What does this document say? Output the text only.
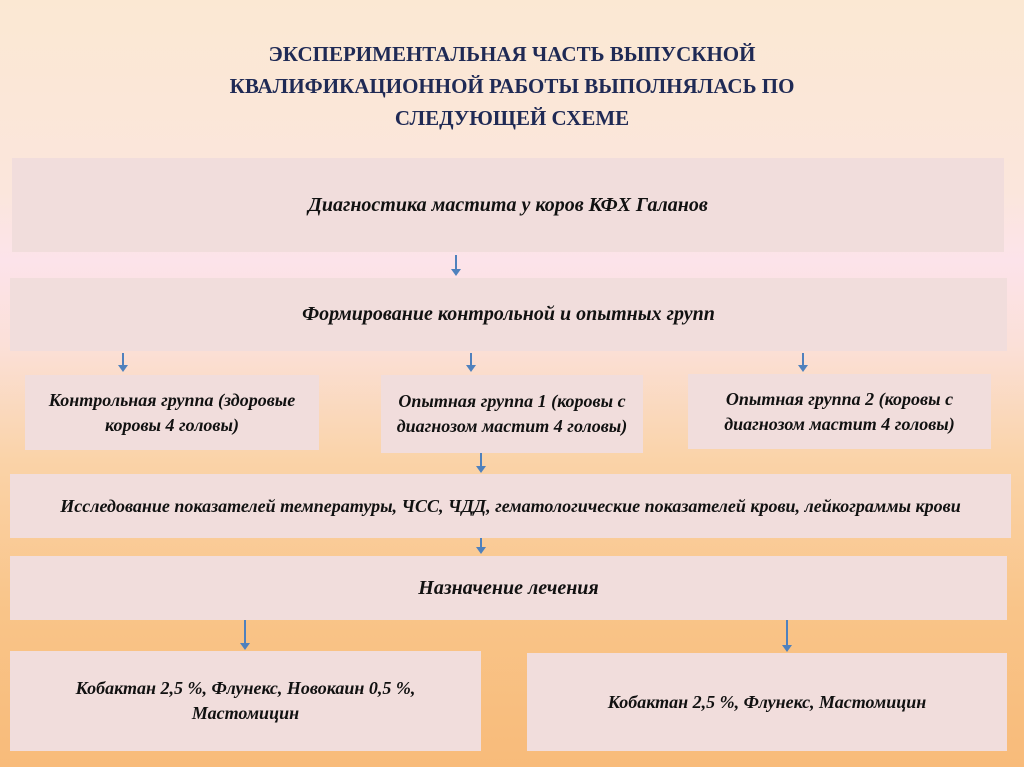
ЭКСПЕРИМЕНТАЛЬНАЯ ЧАСТЬ ВЫПУСКНОЙ
КВАЛИФИКАЦИОННОЙ РАБОТЫ ВЫПОЛНЯЛАСЬ ПО
СЛЕДУЮЩЕЙ СХЕМЕ
Диагностика мастита у коров КФХ Галанов
Формирование контрольной и опытных групп
Контрольная группа (здоровые коровы 4 головы)
Опытная группа 1 (коровы с диагнозом мастит 4 головы)
Опытная группа 2 (коровы с диагнозом мастит 4 головы)
Исследование показателей температуры, ЧСС, ЧДД, гематологические показателей крови, лейкограммы крови
Назначение лечения
Кобактан 2,5 %, Флунекс, Новокаин 0,5 %, Мастомицин
Кобактан 2,5 %, Флунекс, Мастомицин
